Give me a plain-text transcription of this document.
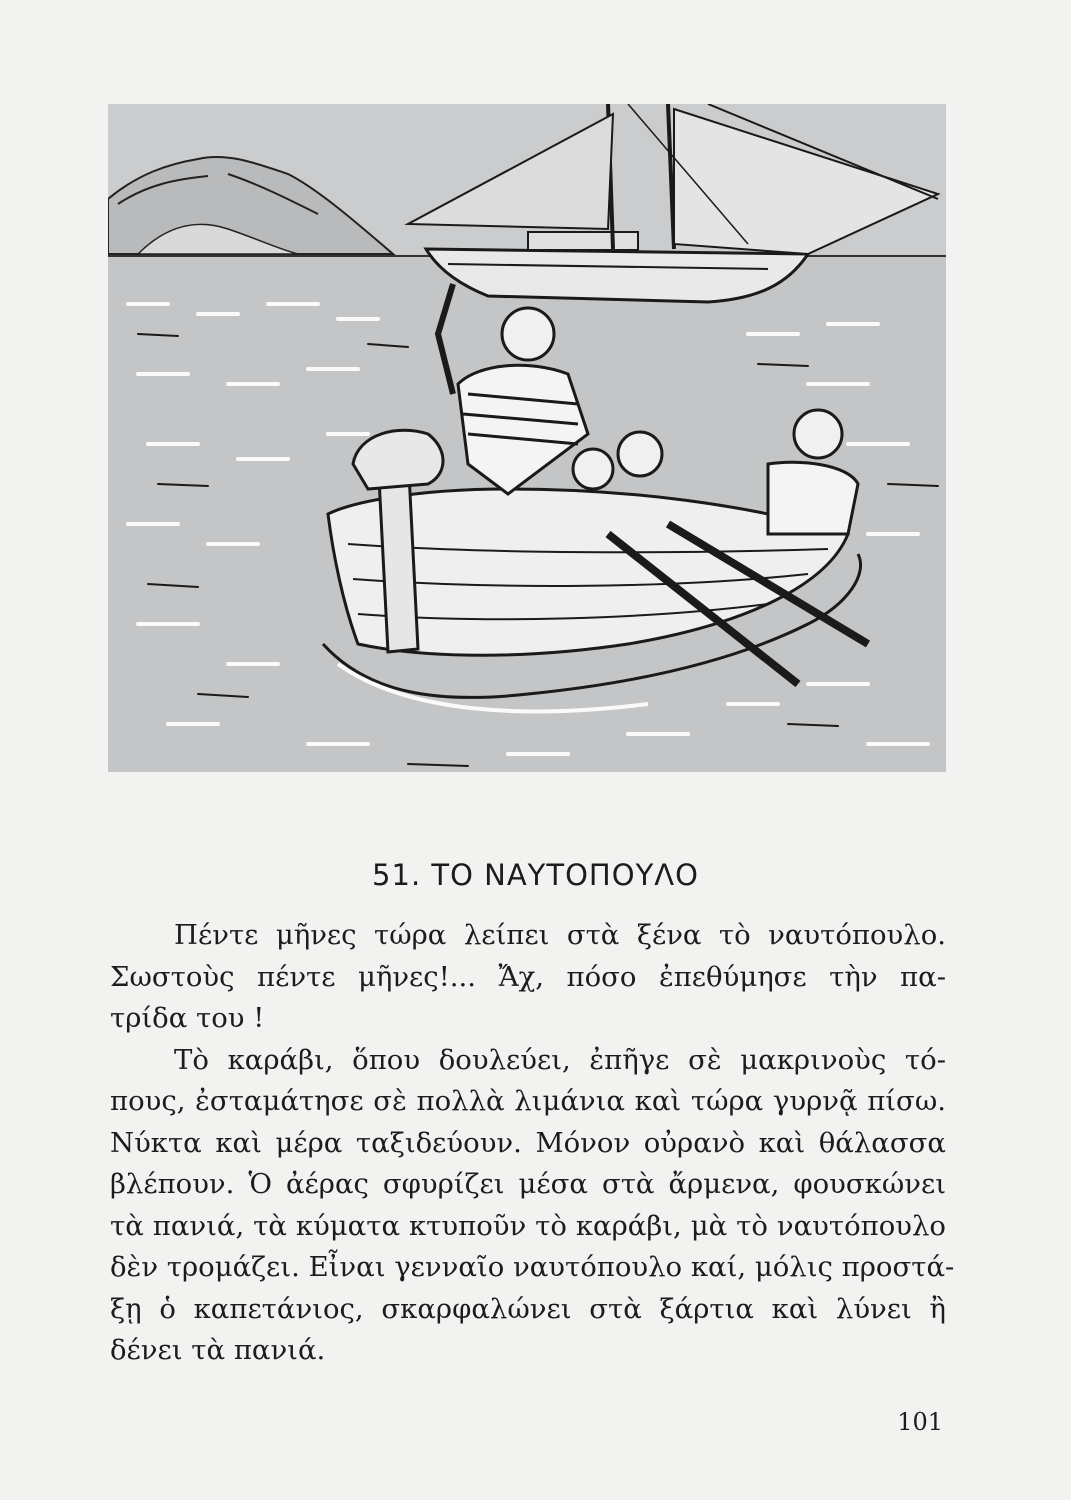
51. ΤΟ ΝΑΥΤΟΠΟΥΛΟ
Πέντε μῆνες τώρα λείπει στὰ ξένα τὸ ναυτόπουλο.
Σωστοὺς πέντε μῆνες!... Ἄχ, πόσο ἐπεθύμησε τὴν πα-
τρίδα του !
Τὸ καράβι, ὅπου δουλεύει, ἐπῆγε σὲ μακρινοὺς τό-
πους, ἐσταμάτησε σὲ πολλὰ λιμάνια καὶ τώρα γυρνᾷ πίσω.
Νύκτα καὶ μέρα ταξιδεύουν. Μόνον οὐρανὸ καὶ θάλασσα
βλέπουν. Ὁ ἀέρας σφυρίζει μέσα στὰ ἄρμενα, φουσκώνει
τὰ πανιά, τὰ κύματα κτυποῦν τὸ καράβι, μὰ τὸ ναυτόπουλο
δὲν τρομάζει. Εἶναι γενναῖο ναυτόπουλο καί, μόλις προστά-
ξῃ ὁ καπετάνιος, σκαρφαλώνει στὰ ξάρτια καὶ λύνει ἢ
δένει τὰ πανιά.
101
